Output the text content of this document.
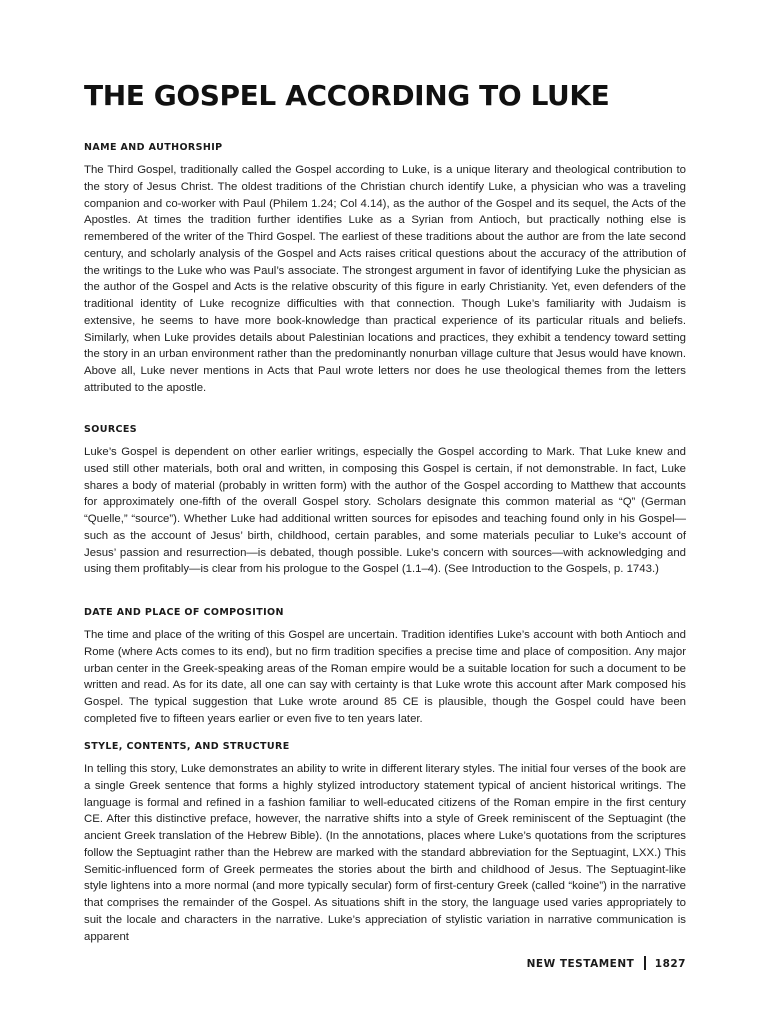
THE GOSPEL ACCORDING TO LUKE
NAME AND AUTHORSHIP

The Third Gospel, traditionally called the Gospel according to Luke, is a unique literary and theological contribution to the story of Jesus Christ. The oldest traditions of the Christian church identify Luke, a physician who was a traveling companion and co-worker with Paul (Philem 1.24; Col 4.14), as the author of the Gospel and its sequel, the Acts of the Apostles. At times the tradition further identifies Luke as a Syrian from Antioch, but practically nothing else is remembered of the writer of the Third Gospel. The earliest of these traditions about the author are from the late second century, and scholarly analysis of the Gospel and Acts raises critical questions about the accuracy of the attribution of the writings to the Luke who was Paul’s associate. The strongest argument in favor of identifying Luke the physician as the author of the Gospel and Acts is the relative obscurity of this figure in early Christianity. Yet, even defenders of the traditional identity of Luke recognize difficulties with that connection. Though Luke’s familiarity with Judaism is extensive, he seems to have more book-knowledge than practical experience of its particular rituals and beliefs. Similarly, when Luke provides details about Palestinian locations and practices, they exhibit a tendency toward setting the story in an urban environment rather than the predominantly nonurban village culture that Jesus would have known. Above all, Luke never mentions in Acts that Paul wrote letters nor does he use theological themes from the letters attributed to the apostle.

SOURCES

Luke’s Gospel is dependent on other earlier writings, especially the Gospel according to Mark. That Luke knew and used still other materials, both oral and written, in composing this Gospel is certain, if not demonstrable. In fact, Luke shares a body of material (probably in written form) with the author of the Gospel according to Matthew that accounts for approximately one-fifth of the overall Gospel story. Scholars designate this common material as “Q” (German “Quelle,” “source”). Whether Luke had additional written sources for episodes and teaching found only in his Gospel—such as the account of Jesus’ birth, childhood, certain parables, and some materials peculiar to Luke’s account of Jesus’ passion and resurrection—is debated, though possible. Luke’s concern with sources—with acknowledging and using them profitably—is clear from his prologue to the Gospel (1.1–4). (See Introduction to the Gospels, p. 1743.)

DATE AND PLACE OF COMPOSITION

The time and place of the writing of this Gospel are uncertain. Tradition identifies Luke’s account with both Antioch and Rome (where Acts comes to its end), but no firm tradition specifies a precise time and place of composition. Any major urban center in the Greek-speaking areas of the Roman empire would be a suitable location for such a document to be written and read. As for its date, all one can say with certainty is that Luke wrote this account after Mark composed his Gospel. The typical suggestion that Luke wrote around 85 CE is plausible, though the Gospel could have been completed five to fifteen years earlier or even five to ten years later.

STYLE, CONTENTS, AND STRUCTURE

In telling this story, Luke demonstrates an ability to write in different literary styles. The initial four verses of the book are a single Greek sentence that forms a highly stylized introductory statement typical of ancient historical writings. The language is formal and refined in a fashion familiar to well-educated citizens of the Roman empire in the first century CE. After this distinctive preface, however, the narrative shifts into a style of Greek reminiscent of the Septuagint (the ancient Greek translation of the Hebrew Bible). (In the annotations, places where Luke’s quotations from the scriptures follow the Septuagint rather than the Hebrew are marked with the standard abbreviation for the Septuagint, LXX.) This Semitic-influenced form of Greek permeates the stories about the birth and childhood of Jesus. The Septuagint-like style lightens into a more normal (and more typically secular) form of first-century Greek (called “koine”) in the narrative that comprises the remainder of the Gospel. As situations shift in the story, the language used varies appropriately to suit the locale and characters in the narrative. Luke’s appreciation of stylistic variation in narrative communication is apparent

NEW TESTAMENT 1827
